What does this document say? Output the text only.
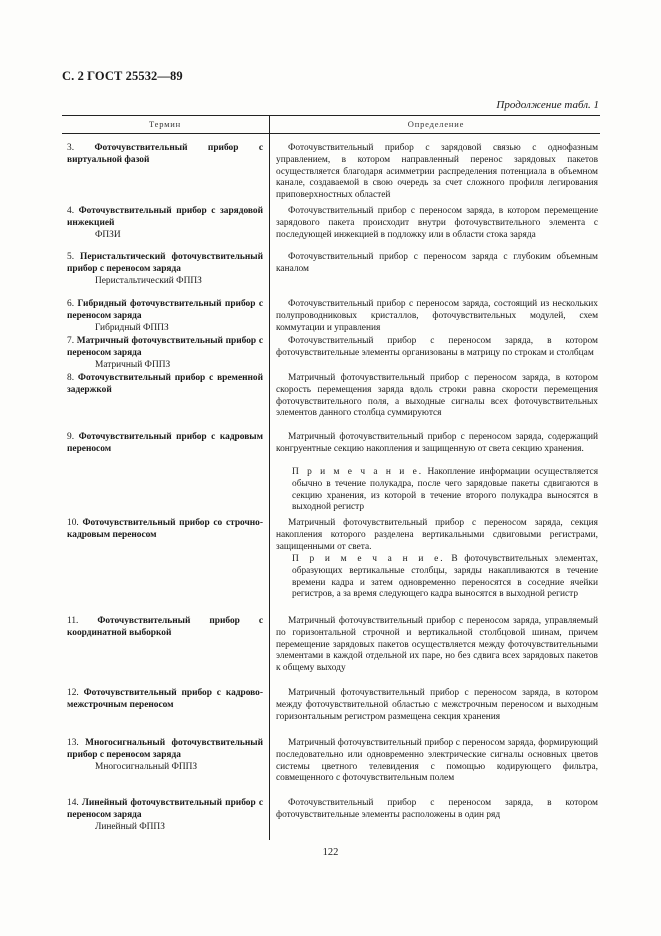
С. 2 ГОСТ 25532—89
Продолжение табл. 1
Термин	Определение
3. Фоточувствительный прибор с виртуальной фазой
Фоточувствительный прибор с зарядовой связью с однофазным управлением, в котором направленный перенос зарядовых пакетов осуществляется благодаря асимметрии распределения потенциала в объемном канале, создаваемой в свою очередь за счет сложного профиля легирования приповерхностных областей
4. Фоточувствительный прибор с зарядовой инжекцией
ФПЗИ
Фоточувствительный прибор с переносом заряда, в котором перемещение зарядового пакета происходит внутри фоточувствительного элемента с последующей инжекцией в подложку или в области стока заряда
5. Перистальтический фоточувствительный прибор с переносом заряда
Перистальтический ФППЗ
Фоточувствительный прибор с переносом заряда с глубоким объемным каналом
6. Гибридный фоточувствительный прибор с переносом заряда
Гибридный ФППЗ
Фоточувствительный прибор с переносом заряда, состоящий из нескольких полупроводниковых кристаллов, фоточувствительных модулей, схем коммутации и управления
7. Матричный фоточувствительный прибор с переносом заряда
Матричный ФППЗ
Фоточувствительный прибор с переносом заряда, в котором фоточувствительные элементы организованы в матрицу по строкам и столбцам
8. Фоточувствительный прибор с временной задержкой
Матричный фоточувствительный прибор с переносом заряда, в котором скорость перемещения заряда вдоль строки равна скорости перемещения фоточувствительного поля, а выходные сигналы всех фоточувствительных элементов данного столбца суммируются
9. Фоточувствительный прибор с кадровым переносом
Матричный фоточувствительный прибор с переносом заряда, содержащий конгруентные секцию накопления и защищенную от света секцию хранения.
П р и м е ч а н и е. Накопление информации осуществляется обычно в течение полукадра, после чего зарядовые пакеты сдвигаются в секцию хранения, из которой в течение второго полукадра выносятся в выходной регистр
10. Фоточувствительный прибор со строчно-кадровым переносом
Матричный фоточувствительный прибор с переносом заряда, секция накопления которого разделена вертикальными сдвиговыми регистрами, защищенными от света.
П р и м е ч а н и е. В фоточувствительных элементах, образующих вертикальные столбцы, заряды накапливаются в течение времени кадра и затем одновременно переносятся в соседние ячейки регистров, а за время следующего кадра выносятся в выходной регистр
11. Фоточувствительный прибор с координатной выборкой
Матричный фоточувствительный прибор с переносом заряда, управляемый по горизонтальной строчной и вертикальной столбцовой шинам, причем перемещение зарядовых пакетов осуществляется между фоточувствительными элементами в каждой отдельной их паре, но без сдвига всех зарядовых пакетов к общему выходу
12. Фоточувствительный прибор с кадрово-межстрочным переносом
Матричный фоточувствительный прибор с переносом заряда, в котором между фоточувствительной областью с межстрочным переносом и выходным горизонтальным регистром размещена секция хранения
13. Многосигнальный фоточувствительный прибор с переносом заряда
Многосигнальный ФППЗ
Матричный фоточувствительный прибор с переносом заряда, формирующий последовательно или одновременно электрические сигналы основных цветов системы цветного телевидения с помощью кодирующего фильтра, совмещенного с фоточувствительным полем
14. Линейный фоточувствительный прибор с переносом заряда
Линейный ФППЗ
Фоточувствительный прибор с переносом заряда, в котором фоточувствительные элементы расположены в один ряд
122
